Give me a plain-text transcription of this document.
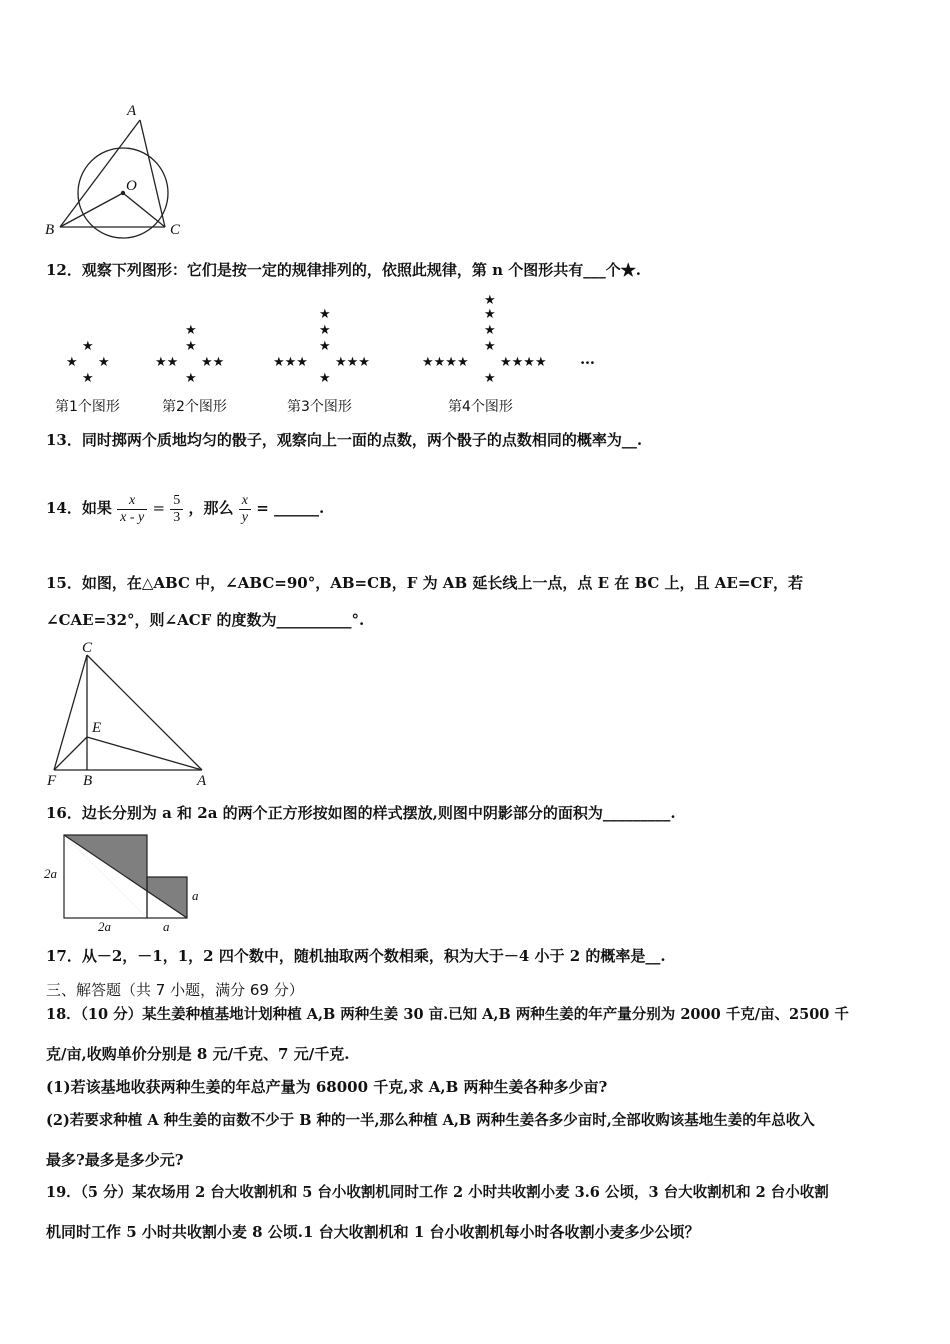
A
O
B	C
12．观察下列图形：它们是按一定的规律排列的，依照此规律，第 n 个图形共有___个★.
★
★ ★
★
★
★
★★ ★★
★
★
★
★
★★★ ★★★
★
★
★
★
★
★★★★ ★★★★
★
…
第1个图形	第2个图形	第3个图形	第4个图形
13．同时掷两个质地均匀的骰子，观察向上一面的点数，两个骰子的点数相同的概率为__.
14．如果 $\frac{x}{x - y} = \frac{5}{3}$ ，那么 $\frac{x}{y}$ = ______.
15．如图，在△ABC 中，∠ABC=90°，AB=CB，F 为 AB 延长线上一点，点 E 在 BC 上，且 AE=CF，若
∠CAE=32°，则∠ACF 的度数为__________°.
C
E
F B	A
16．边长分别为 a 和 2a 的两个正方形按如图的样式摆放,则图中阴影部分的面积为_________.
2a
2a	a
a
17．从－2，－1，1，2 四个数中，随机抽取两个数相乘，积为大于－4 小于 2 的概率是__.
三、解答题（共 7 小题，满分 69 分）
18．（10 分）某生姜种植基地计划种植 A,B 两种生姜 30 亩.已知 A,B 两种生姜的年产量分别为 2000 千克/亩、2500 千
克/亩,收购单价分别是 8 元/千克、7 元/千克.
(1)若该基地收获两种生姜的年总产量为 68000 千克,求 A,B 两种生姜各种多少亩?
(2)若要求种植 A 种生姜的亩数不少于 B 种的一半,那么种植 A,B 两种生姜各多少亩时,全部收购该基地生姜的年总收入
最多?最多是多少元?
19．（5 分）某农场用 2 台大收割机和 5 台小收割机同时工作 2 小时共收割小麦 3.6 公顷，3 台大收割机和 2 台小收割
机同时工作 5 小时共收割小麦 8 公顷.1 台大收割机和 1 台小收割机每小时各收割小麦多少公顷？
